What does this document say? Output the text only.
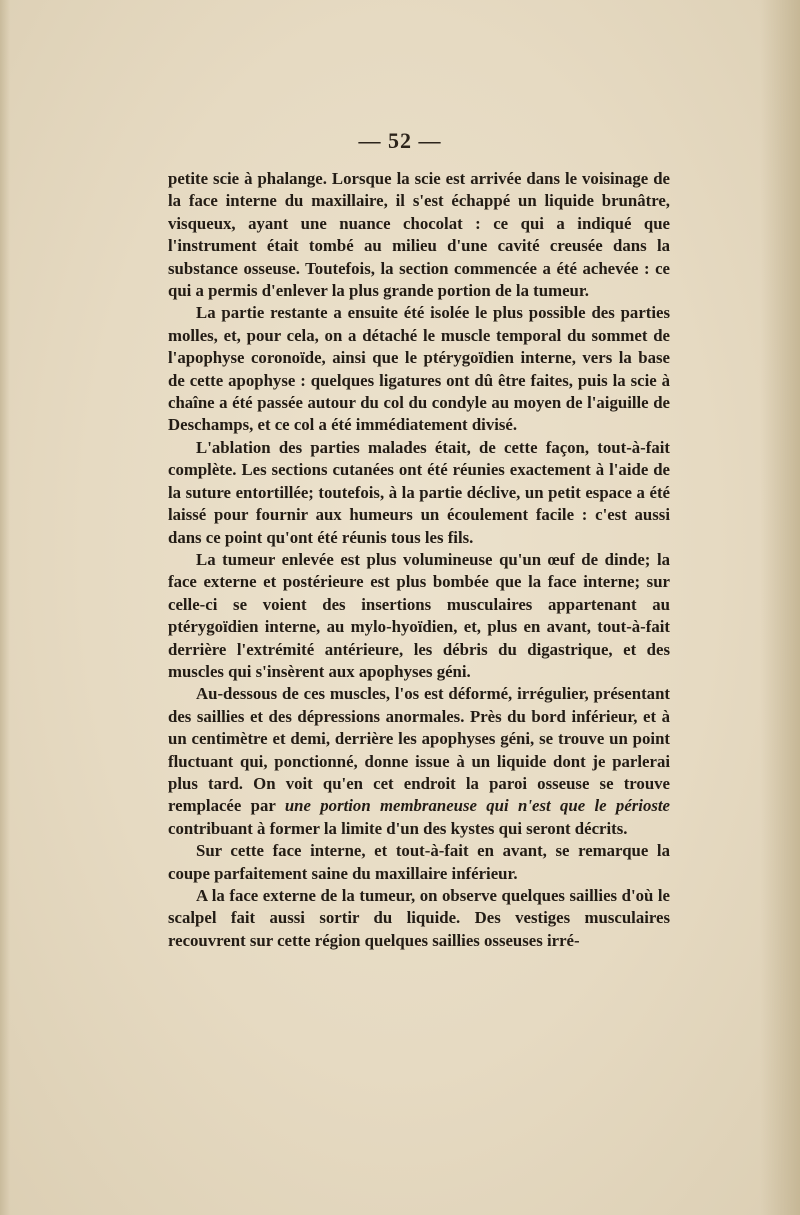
— 52 —

petite scie à phalange. Lorsque la scie est arrivée dans le voisinage de la face interne du maxillaire, il s'est échappé un liquide brunâtre, visqueux, ayant une nuance chocolat : ce qui a indiqué que l'instrument était tombé au milieu d'une cavité creusée dans la substance osseuse. Toutefois, la section commencée a été achevée : ce qui a permis d'enlever la plus grande portion de la tumeur.

La partie restante a ensuite été isolée le plus possible des parties molles, et, pour cela, on a détaché le muscle temporal du sommet de l'apophyse coronoïde, ainsi que le ptérygoïdien interne, vers la base de cette apophyse : quelques ligatures ont dû être faites, puis la scie à chaîne a été passée autour du col du condyle au moyen de l'aiguille de Deschamps, et ce col a été immédiatement divisé.

L'ablation des parties malades était, de cette façon, tout-à-fait complète. Les sections cutanées ont été réunies exactement à l'aide de la suture entortillée; toutefois, à la partie déclive, un petit espace a été laissé pour fournir aux humeurs un écoulement facile : c'est aussi dans ce point qu'ont été réunis tous les fils.

La tumeur enlevée est plus volumineuse qu'un œuf de dinde; la face externe et postérieure est plus bombée que la face interne; sur celle-ci se voient des insertions musculaires appartenant au ptérygoïdien interne, au mylo-hyoïdien, et, plus en avant, tout-à-fait derrière l'extrémité antérieure, les débris du digastrique, et des muscles qui s'insèrent aux apophyses géni.

Au-dessous de ces muscles, l'os est déformé, irrégulier, présentant des saillies et des dépressions anormales. Près du bord inférieur, et à un centimètre et demi, derrière les apophyses géni, se trouve un point fluctuant qui, ponctionné, donne issue à un liquide dont je parlerai plus tard. On voit qu'en cet endroit la paroi osseuse se trouve remplacée par une portion membraneuse qui n'est que le périoste contribuant à former la limite d'un des kystes qui seront décrits.

Sur cette face interne, et tout-à-fait en avant, se remarque la coupe parfaitement saine du maxillaire inférieur.

A la face externe de la tumeur, on observe quelques saillies d'où le scalpel fait aussi sortir du liquide. Des vestiges musculaires recouvrent sur cette région quelques saillies osseuses irré-
